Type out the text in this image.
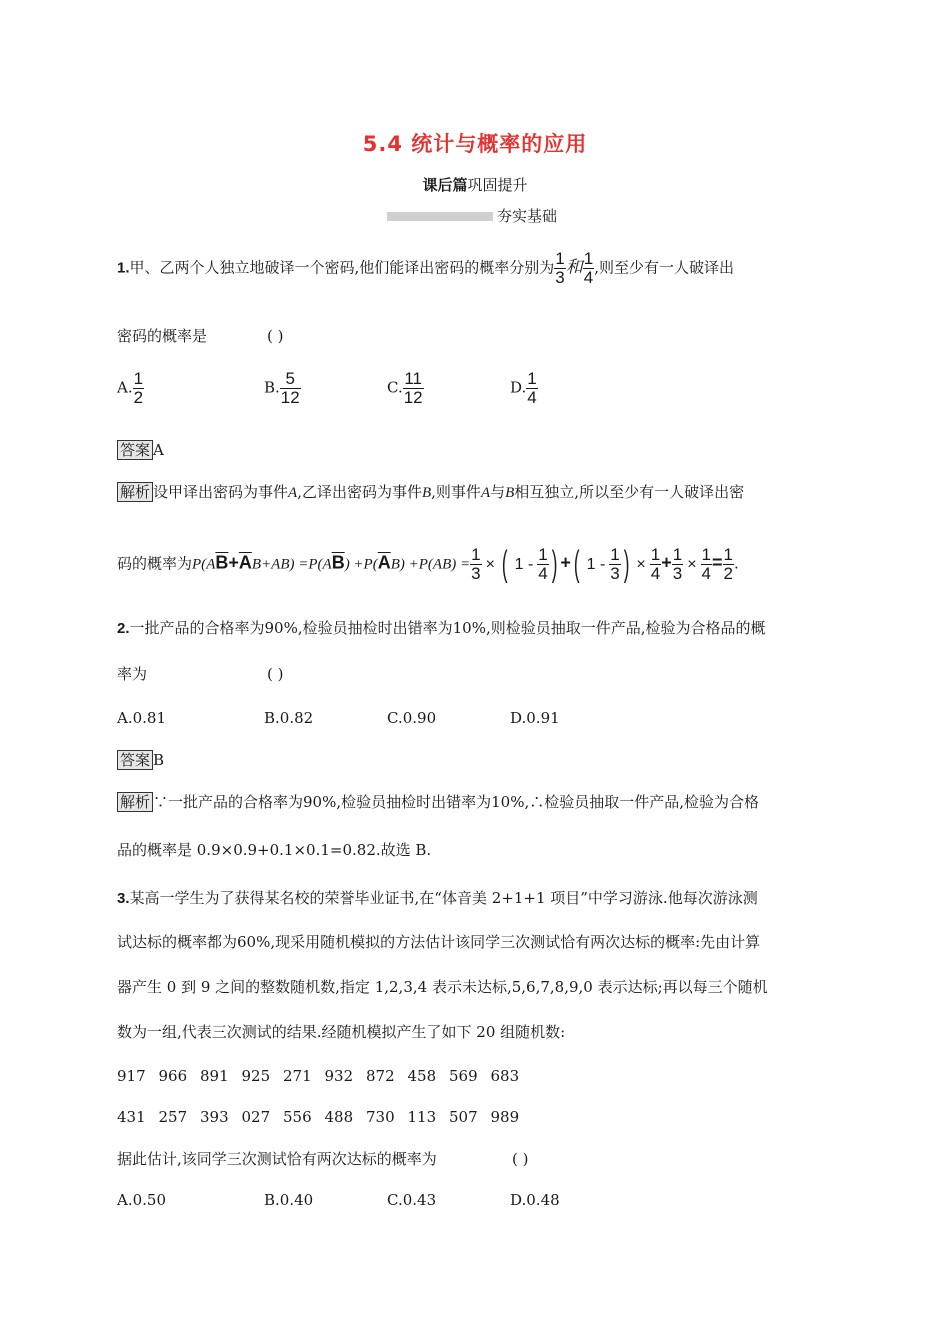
5.4 统计与概率的应用
课后篇巩固提升
夯实基础
1.甲、乙两个人独立地破译一个密码,他们能译出密码的概率分别为 $\frac{1}{3}$ 和 $\frac{1}{4}$ ,则至少有一人破译出
密码的概率是	( )
A. $\frac{1}{2}$	B. $\frac{5}{12}$	C. $\frac{11}{12}$	D. $\frac{1}{4}$
答案 A
解析 设甲译出密码为事件A,乙译出密码为事件B,则事件A与B相互独立,所以至少有一人破译出密
码的概率为$P(A\overline{B}+\overline{A}B+AB) =P(A\overline{B}) +P(\overline{A}B) +P(AB) = \frac{1}{3}$ × ( $1 - \frac{1}{4}$ ) + ( $1 - \frac{1}{3}$ ) × $\frac{1}{4} + \frac{1}{3} \times \frac{1}{4} = \frac{1}{2}$ .
2.一批产品的合格率为90%,检验员抽检时出错率为10%,则检验员抽取一件产品,检验为合格品的概
率为	( )
A.0.81	B.0.82	C.0.90	D.0.91
答案 B
解析 ∵一批产品的合格率为90%,检验员抽检时出错率为10%,∴检验员抽取一件产品,检验为合格
品的概率是 0.9×0.9+0.1×0.1=0.82.故选 B.
3.某高一学生为了获得某名校的荣誉毕业证书,在“体音美 2+1+1 项目”中学习游泳.他每次游泳测
试达标的概率都为60%,现采用随机模拟的方法估计该同学三次测试恰有两次达标的概率:先由计算
器产生 0 到 9 之间的整数随机数,指定 1,2,3,4 表示未达标,5,6,7,8,9,0 表示达标;再以每三个随机
数为一组,代表三次测试的结果.经随机模拟产生了如下 20 组随机数:
917 966 891 925 271 932 872 458 569 683
431 257 393 027 556 488 730 113 507 989
据此估计,该同学三次测试恰有两次达标的概率为	( )
A.0.50	B.0.40	C.0.43	D.0.48
